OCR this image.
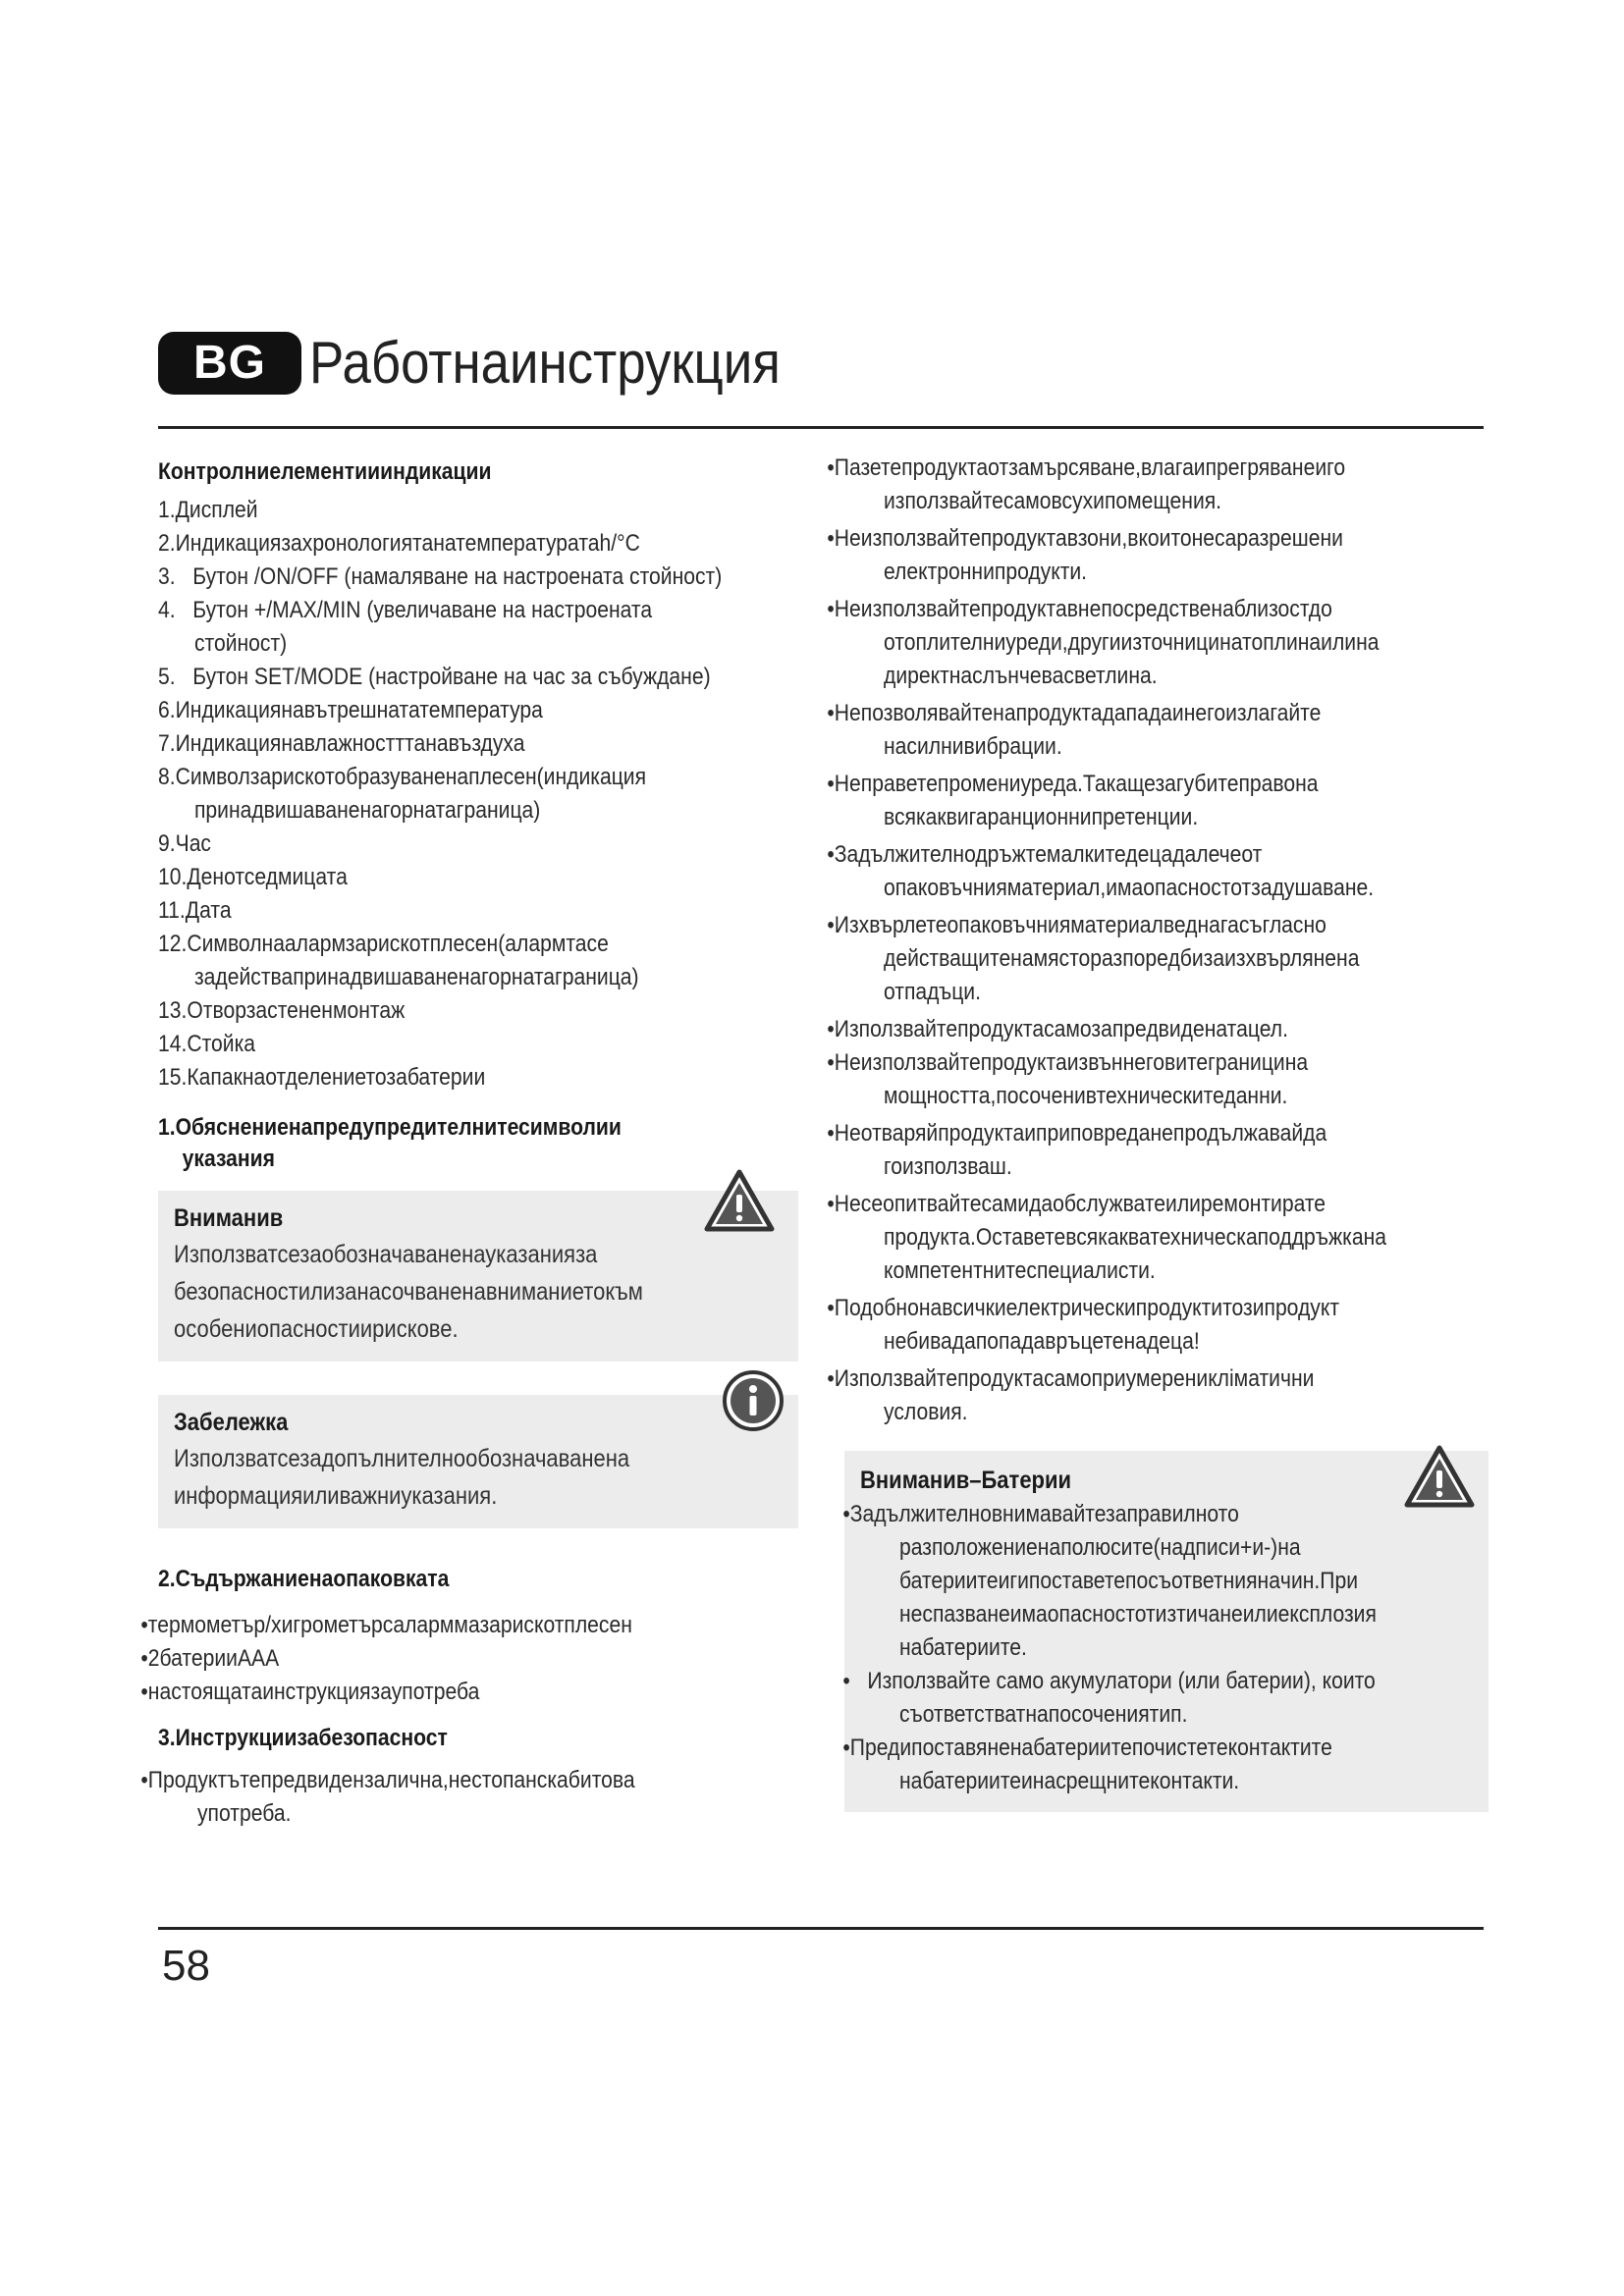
BG Работнаинструкция
Контролниелементиииндикации
1.Дисплей
2.Индикациязахронологиятанатемпературатаh/°C
3. Бутон /ON/OFF (намаляване на настроената стойност)
4. Бутон +/MAX/MIN (увеличаване на настроената
стойност)
5. Бутон SET/MODE (настройване на час за събуждане)
6.Индикациянавътрешнататемпература
7.Индикациянавлажностттанавъздуха
8.Символзарискотобразуваненаплесен(индикация
принадвишаваненагорнатаграница)
9.Час
10.Денотседмицата
11.Дата
12.Символнаалармзарискотплесен(алармтасе
задействапринадвишаваненагорнатаграница)
13.Отворзастененмонтаж
14.Стойка
15.Капакнаотделениетозабатерии
1.Обяснениенапредупредителнитесимволии
указания
Вниманив
Използватсезаобозначаваненауказанияза
безопасностилизанасочваненавниманиетокъм
особениопасностиирискове.
Забележка
Използватсезадопълнителнообозначаванена
информацияиливажниуказания.
2.Съдържаниенаопаковката
•термометър/хигрометърсаларммазарискотплесен
•2батерииААА
•настоящатаинструкциязаупотреба
3.Инструкциизабезопасност
•Продуктътепредвидензалична,нестопанскабитова
употреба.
•Пазетепродуктаотзамърсяване,влагаипрегряванеиго
използвайтесамовсухипомещения.
•Неизползвайтепродуктавзони,вкоитонесаразрешени
електроннипродукти.
•Неизползвайтепродуктавнепосредственаблизостдо
отоплителниуреди,другиизточницинатоплинаилина
директнаслънчевасветлина.
•Непозволявайтенапродуктадападаинегоизлагайте
насилнивибрации.
•Неправетепромениуреда.Такащезагубитеправона
всякаквигаранционнипретенции.
•Задължителнодръжтемалкитедецадалечеот
опаковъчнияматериал,имаопасностотзадушаване.
•Изхвърлетеопаковъчнияматериалведнагасъгласно
действащитенамясторазпоредбизаизхвърлянена
отпадъци.
•Използвайтепродуктасамозапредвиденатацел.
•Неизползвайтепродуктаизвъннеговитеграницина
мощността,посоченивтехническитеданни.
•Неотваряйпродуктаиприповреданепродължавайда
гоизползваш.
•Несеопитвайтесамидаобслужватеилиремонтирате
продукта.Оставетевсякакватехническаподдръжкана
компетентнитеспециалисти.
•Подобнонавсичкиелектрическипродуктитозипродукт
небивадапопадавръцетенадеца!
•Използвайтепродуктасамоприумереникліматични
условия.
Вниманив–Батерии
•Задължителновнимавайтезаправилното
разположениенаполюсите(надписи+и-)на
батериитеигипоставетепосъответниянaчин.При
неспазванеимаопасностотизтичанеилиексплозия
набатериите.
•   Използвайте само акумулатори (или батерии), които
съответстватнапосочениятип.
•Предипоставяненабатериитепочистетеконтактите
набатериитеинасрещнитеконтакти.
58
